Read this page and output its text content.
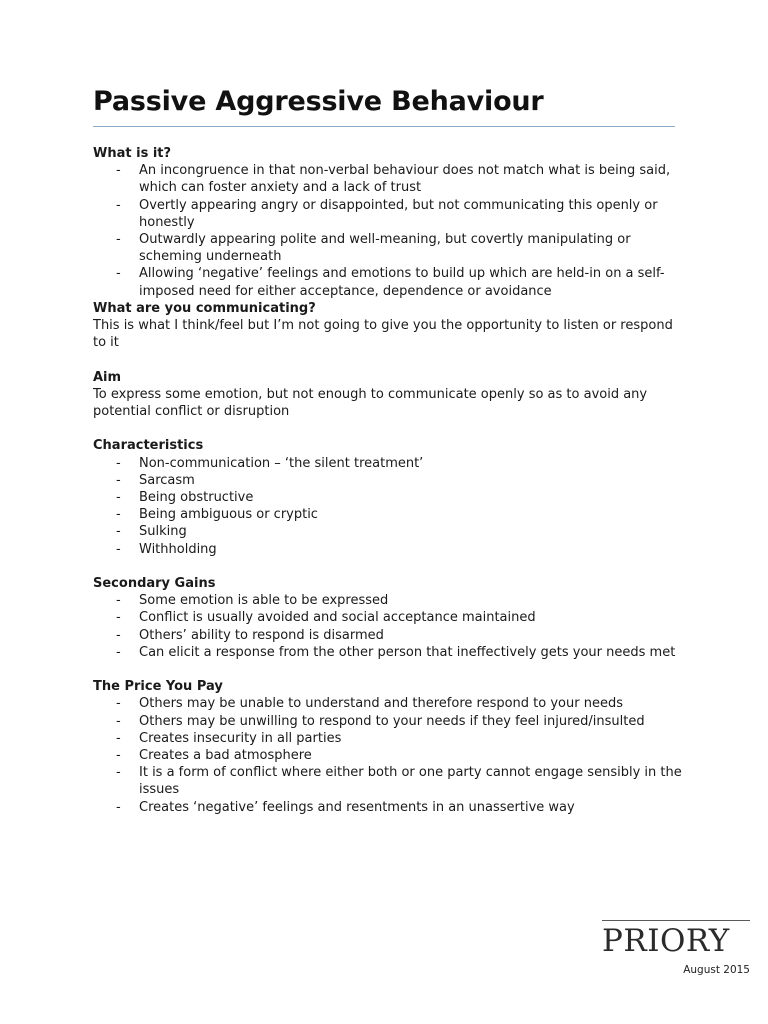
Passive Aggressive Behaviour

What is it?

- An incongruence in that non-verbal behaviour does not match what is being said, which can foster anxiety and a lack of trust
- Overtly appearing angry or disappointed, but not communicating this openly or honestly
- Outwardly appearing polite and well-meaning, but covertly manipulating or scheming underneath
- Allowing ‘negative’ feelings and emotions to build up which are held-in on a self-imposed need for either acceptance, dependence or avoidance

What are you communicating?

This is what I think/feel but I’m not going to give you the opportunity to listen or respond to it

Aim

To express some emotion, but not enough to communicate openly so as to avoid any potential conflict or disruption

Characteristics

- Non-communication – ‘the silent treatment’
- Sarcasm
- Being obstructive
- Being ambiguous or cryptic
- Sulking
- Withholding

Secondary Gains

- Some emotion is able to be expressed
- Conflict is usually avoided and social acceptance maintained
- Others’ ability to respond is disarmed
- Can elicit a response from the other person that ineffectively gets your needs met

The Price You Pay

- Others may be unable to understand and therefore respond to your needs
- Others may be unwilling to respond to your needs if they feel injured/insulted
- Creates insecurity in all parties
- Creates a bad atmosphere
- It is a form of conflict where either both or one party cannot engage sensibly in the issues
- Creates ‘negative’ feelings and resentments in an unassertive way
PRIORY
August 2015
